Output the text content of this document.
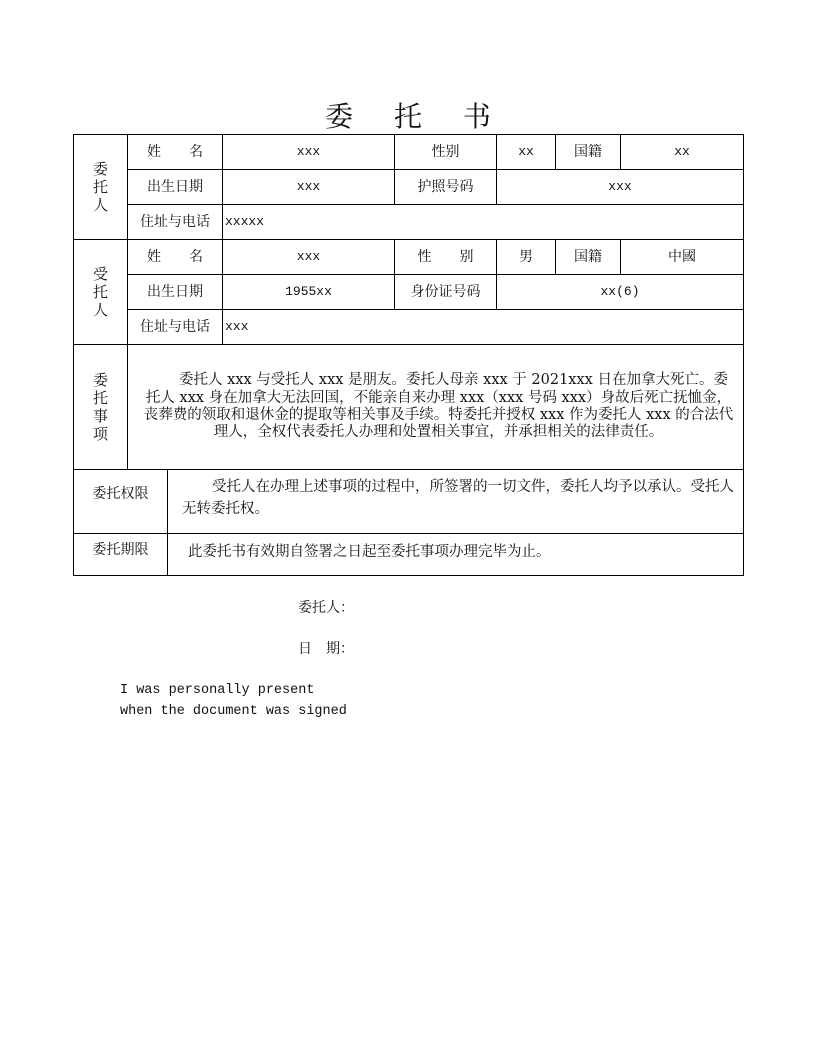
委 托 书
委
托
人	姓　　名	xxx	性别	xx	国籍	xx
	出生日期	xxx	护照号码	xxx		
	住址与电话	xxxxx				

受
托
人	姓　　名	xxx	性　　别	男	国籍	中國
	出生日期	1955xx	身份证号码	xx(6)		
	住址与电话	xxx				

委
托
事
项	委托人 xxx 与受托人 xxx 是朋友。委托人母亲 xxx 于 2021xxx 日在加拿大死亡。委托人 xxx 身在加拿大无法回国，不能亲自来办理 xxx（xxx 号码 xxx）身故后死亡抚恤金，丧葬费的领取和退休金的提取等相关事及手续。特委托并授权 xxx 作为委托人 xxx 的合法代理人，全权代表委托人办理和处置相关事宜，并承担相关的法律责任。					

委托权限 受托人在办理上述事项的过程中，所签署的一切文件，委托人均予以承认。受托人无转委托权。						

委托期限 此委托书有效期自签署之日起至委托事项办理完毕为止。						
委托人：
日　期：
I was personally present
when the document was signed
